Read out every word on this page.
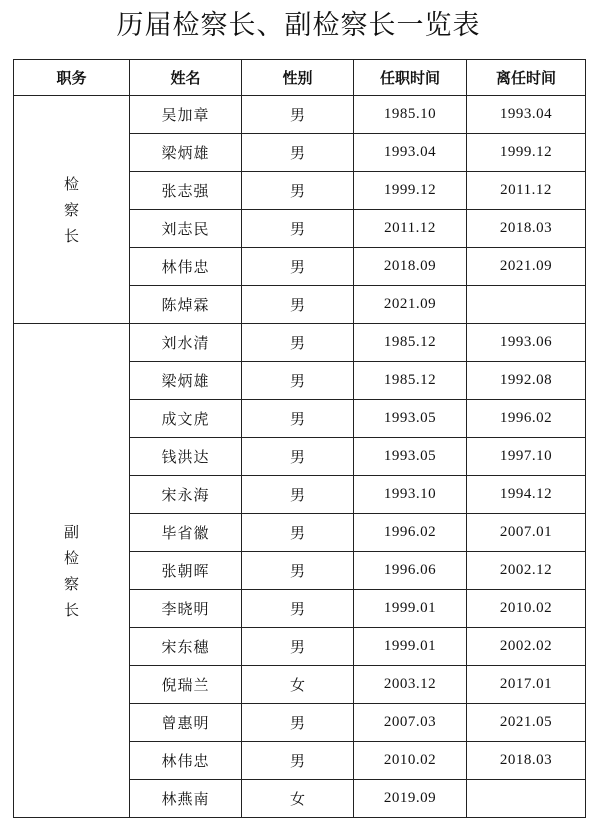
历届检察长、副检察长一览表
职务	姓名	性别	任职时间	离任时间

检
察
长	吴加章	男	1985.10	1993.04
	梁炳雄	男	1993.04	1999.12
	张志强	男	1999.12	2011.12
	刘志民	男	2011.12	2018.03
	林伟忠	男	2018.09	2021.09
	陈焯霖	男	2021.09	

副
检
察
长	刘水清	男	1985.12	1993.06
	梁炳雄	男	1985.12	1992.08
	成文虎	男	1993.05	1996.02
	钱洪达	男	1993.05	1997.10
	宋永海	男	1993.10	1994.12
	毕省徽	男	1996.02	2007.01
	张朝晖	男	1996.06	2002.12
	李晓明	男	1999.01	2010.02
	宋东穗	男	1999.01	2002.02
	倪瑞兰	女	2003.12	2017.01
	曾惠明	男	2007.03	2021.05
	林伟忠	男	2010.02	2018.03
	林燕南	女	2019.09	
